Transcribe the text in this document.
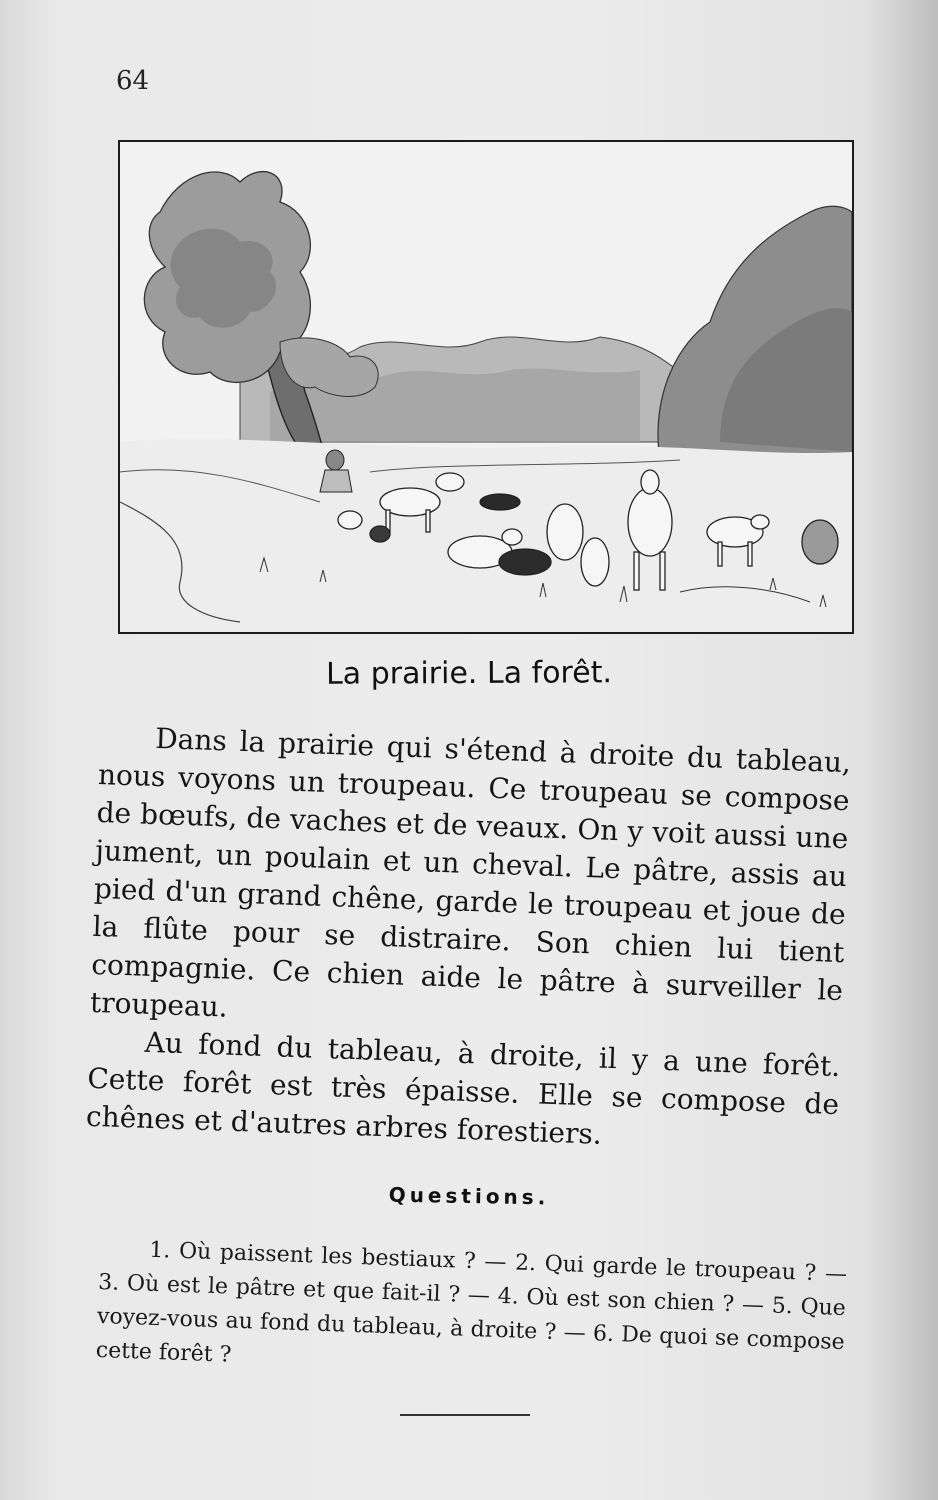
64
La prairie. La forêt.

Dans la prairie qui s'étend à droite du tableau, nous voyons un troupeau. Ce troupeau se compose de bœufs, de vaches et de veaux. On y voit aussi une jument, un poulain et un cheval. Le pâtre, assis au pied d'un grand chêne, garde le troupeau et joue de la flûte pour se distraire. Son chien lui tient compagnie. Ce chien aide le pâtre à surveiller le troupeau.

Au fond du tableau, à droite, il y a une forêt. Cette forêt est très épaisse. Elle se compose de chênes et d'autres arbres forestiers.

Questions.
1. Où paissent les bestiaux ? — 2. Qui garde le troupeau ? — 3. Où est le pâtre et que fait-il ? — 4. Où est son chien ? — 5. Que voyez-vous au fond du tableau, à droite ? — 6. De quoi se compose cette forêt ?
